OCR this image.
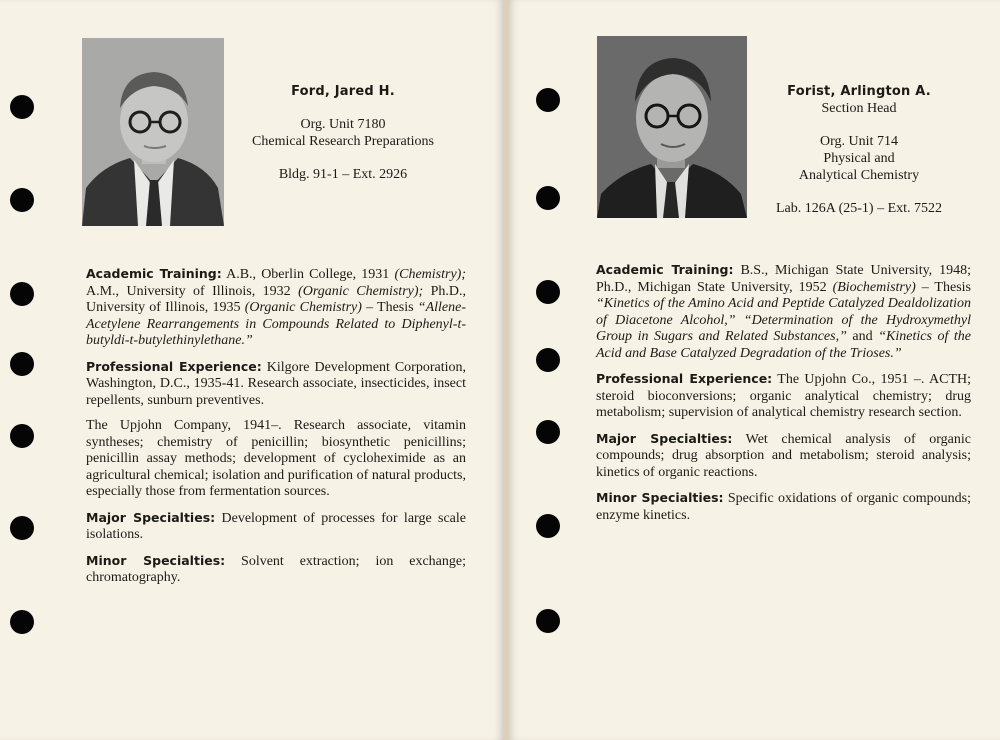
Ford, Jared H.
Org. Unit 7180
Chemical Research Preparations
Bldg. 91-1 – Ext. 2926

Academic Training: A.B., Oberlin College, 1931 (Chemistry); A.M., University of Illinois, 1932 (Organic Chemistry); Ph.D., University of Illinois, 1935 (Organic Chemistry) – Thesis “Allene-Acetylene Rearrangements in Compounds Related to Diphenyl-t-butyldi-t-butylethinylethane.”

Professional Experience: Kilgore Development Corporation, Washington, D.C., 1935-41. Research associate, insecticides, insect repellents, sunburn preventives.

The Upjohn Company, 1941–. Research associate, vitamin syntheses; chemistry of penicillin; biosynthetic penicillins; penicillin assay methods; development of cycloheximide as an agricultural chemical; isolation and purification of natural products, especially those from fermentation sources.

Major Specialties: Development of processes for large scale isolations.

Minor Specialties: Solvent extraction; ion exchange; chromatography.

Forist, Arlington A.
Section Head
Org. Unit 714
Physical and
Analytical Chemistry
Lab. 126A (25-1) – Ext. 7522

Academic Training: B.S., Michigan State University, 1948; Ph.D., Michigan State University, 1952 (Biochemistry) – Thesis “Kinetics of the Amino Acid and Peptide Catalyzed Dealdolization of Diacetone Alcohol,” “Determination of the Hydroxymethyl Group in Sugars and Related Substances,” and “Kinetics of the Acid and Base Catalyzed Degradation of the Trioses.”

Professional Experience: The Upjohn Co., 1951 –. ACTH; steroid bioconversions; organic analytical chemistry; drug metabolism; supervision of analytical chemistry research section.

Major Specialties: Wet chemical analysis of organic compounds; drug absorption and metabolism; steroid analysis; kinetics of organic reactions.

Minor Specialties: Specific oxidations of organic compounds; enzyme kinetics.
